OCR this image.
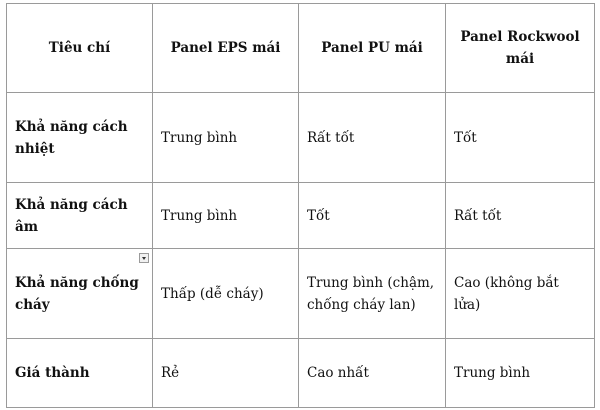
Tiêu chí	Panel EPS mái	Panel PU mái	Panel Rockwool mái
Khả năng cách nhiệt	Trung bình	Rất tốt	Tốt
Khả năng cách âm	Trung bình	Tốt	Rất tốt
Khả năng chống cháy	Thấp (dễ cháy)	Trung bình (chậm, chống cháy lan)	Cao (không bắt lửa)
Giá thành	Rẻ	Cao nhất	Trung bình
